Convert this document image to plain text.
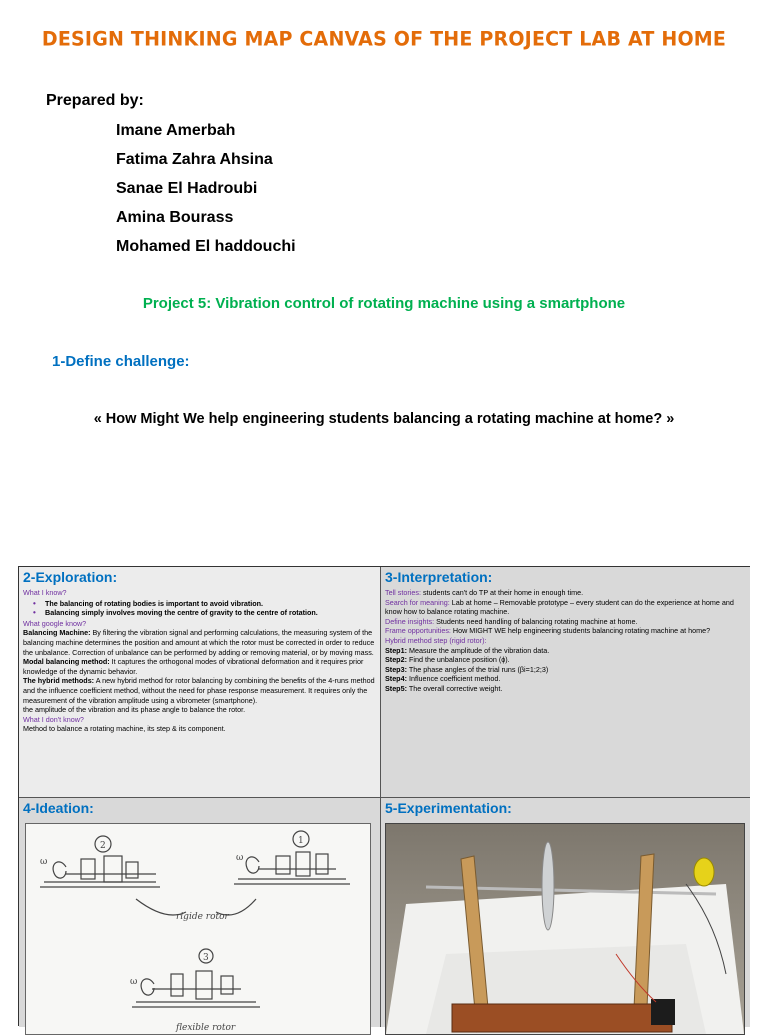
DESIGN THINKING MAP CANVAS OF THE PROJECT LAB AT HOME
Prepared by:
Imane Amerbah
Fatima Zahra Ahsina
Sanae El Hadroubi
Amina Bourass
Mohamed El haddouchi
Project 5: Vibration control of rotating machine using a smartphone
1-Define challenge:
« How Might We help engineering students balancing a rotating machine at home? »
2-Exploration:
What I know?
• The balancing of rotating bodies is important to avoid vibration.
• Balancing simply involves moving the centre of gravity to the centre of rotation.
What google know?
Balancing Machine: By filtering the vibration signal and performing calculations, the measuring system of the balancing machine determines the position and amount at which the rotor must be corrected in order to reduce the unbalance. Correction of unbalance can be performed by adding or removing material, or by moving mass.
Modal balancing method: It captures the orthogonal modes of vibrational deformation and it requires prior knowledge of the dynamic behavior.
The hybrid methods: A new hybrid method for rotor balancing by combining the benefits of the 4-runs method and the influence coefficient method, without the need for phase response measurement. It requires only the measurement of the vibration amplitude using a vibrometer (smartphone).
the amplitude of the vibration and its phase angle to balance the rotor.
What I don't know?
Method to balance a rotating machine, its step & its component.
3-Interpretation:
Tell stories: students can't do TP at their home in enough time.
Search for meaning: Lab at home – Removable prototype – every student can do the experience at home and know how to balance rotating machine.
Define insights: Students need handling of balancing rotating machine at home.
Frame opportunities: How MIGHT WE help engineering students balancing rotating machine at home?
Hybrid method step (rigid rotor):
Step1: Measure the amplitude of the vibration data.
Step2: Find the unbalance position (ϕ).
Step3: The phase angles of the trial runs (βi=1;2;3)
Step4: Influence coefficient method.
Step5: The overall corrective weight.
4-Ideation:
2	1
3
ω	ω
ω
rigide rotor
flexible rotor
5-Experimentation:
